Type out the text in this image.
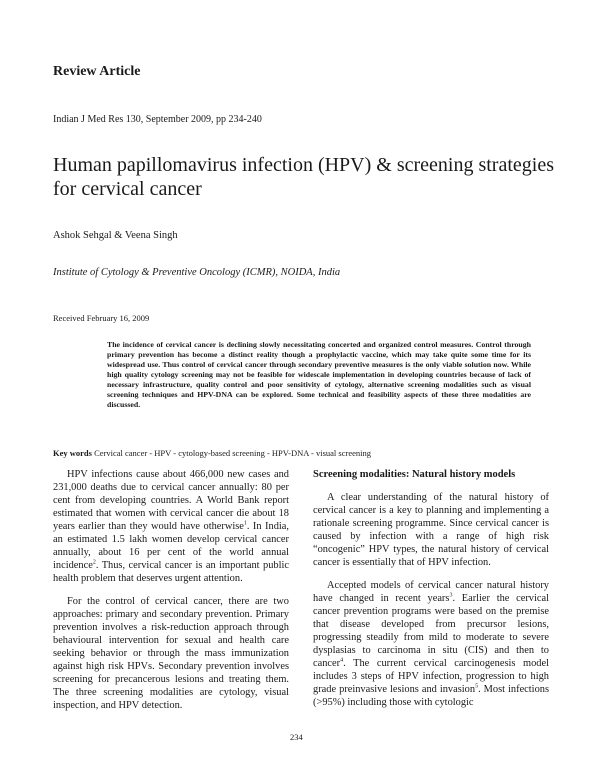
Review Article
Indian J Med Res 130, September 2009, pp 234-240
Human papillomavirus infection (HPV) & screening strategies for cervical cancer
Ashok Sehgal & Veena Singh
Institute of Cytology & Preventive Oncology (ICMR), NOIDA, India
Received February 16, 2009
The incidence of cervical cancer is declining slowly necessitating concerted and organized control measures. Control through primary prevention has become a distinct reality though a prophylactic vaccine, which may take quite some time for its widespread use. Thus control of cervical cancer through secondary preventive measures is the only viable solution now. While high quality cytology screening may not be feasible for widescale implementation in developing countries because of lack of necessary infrastructure, quality control and poor sensitivity of cytology, alternative screening modalities such as visual screening techniques and HPV-DNA can be explored. Some technical and feasibility aspects of these three modalities are discussed.
Key words Cervical cancer - HPV - cytology-based screening - HPV-DNA - visual screening

HPV infections cause about 466,000 new cases and 231,000 deaths due to cervical cancer annually: 80 per cent from developing countries. A World Bank report estimated that women with cervical cancer die about 18 years earlier than they would have otherwise$^1$. In India, an estimated 1.5 lakh women develop cervical cancer annually, about 16 per cent of the world annual incidence$^2$. Thus, cervical cancer is an important public health problem that deserves urgent attention.

For the control of cervical cancer, there are two approaches: primary and secondary prevention. Primary prevention involves a risk-reduction approach through behavioural intervention for sexual and health care seeking behavior or through the mass immunization against high risk HPVs. Secondary prevention involves screening for precancerous lesions and treating them. The three screening modalities are cytology, visual inspection, and HPV detection.

Screening modalities: Natural history models

A clear understanding of the natural history of cervical cancer is a key to planning and implementing a rationale screening programme. Since cervical cancer is caused by infection with a range of high risk “oncogenic” HPV types, the natural history of cervical cancer is essentially that of HPV infection.

Accepted models of cervical cancer natural history have changed in recent years$^3$. Earlier the cervical cancer prevention programs were based on the premise that disease developed from precursor lesions, progressing steadily from mild to moderate to severe dysplasias to carcinoma in situ (CIS) and then to cancer$^4$. The current cervical carcinogenesis model includes 3 steps of HPV infection, progression to high grade preinvasive lesions and invasion$^5$. Most infections (>95%) including those with cytologic

234
